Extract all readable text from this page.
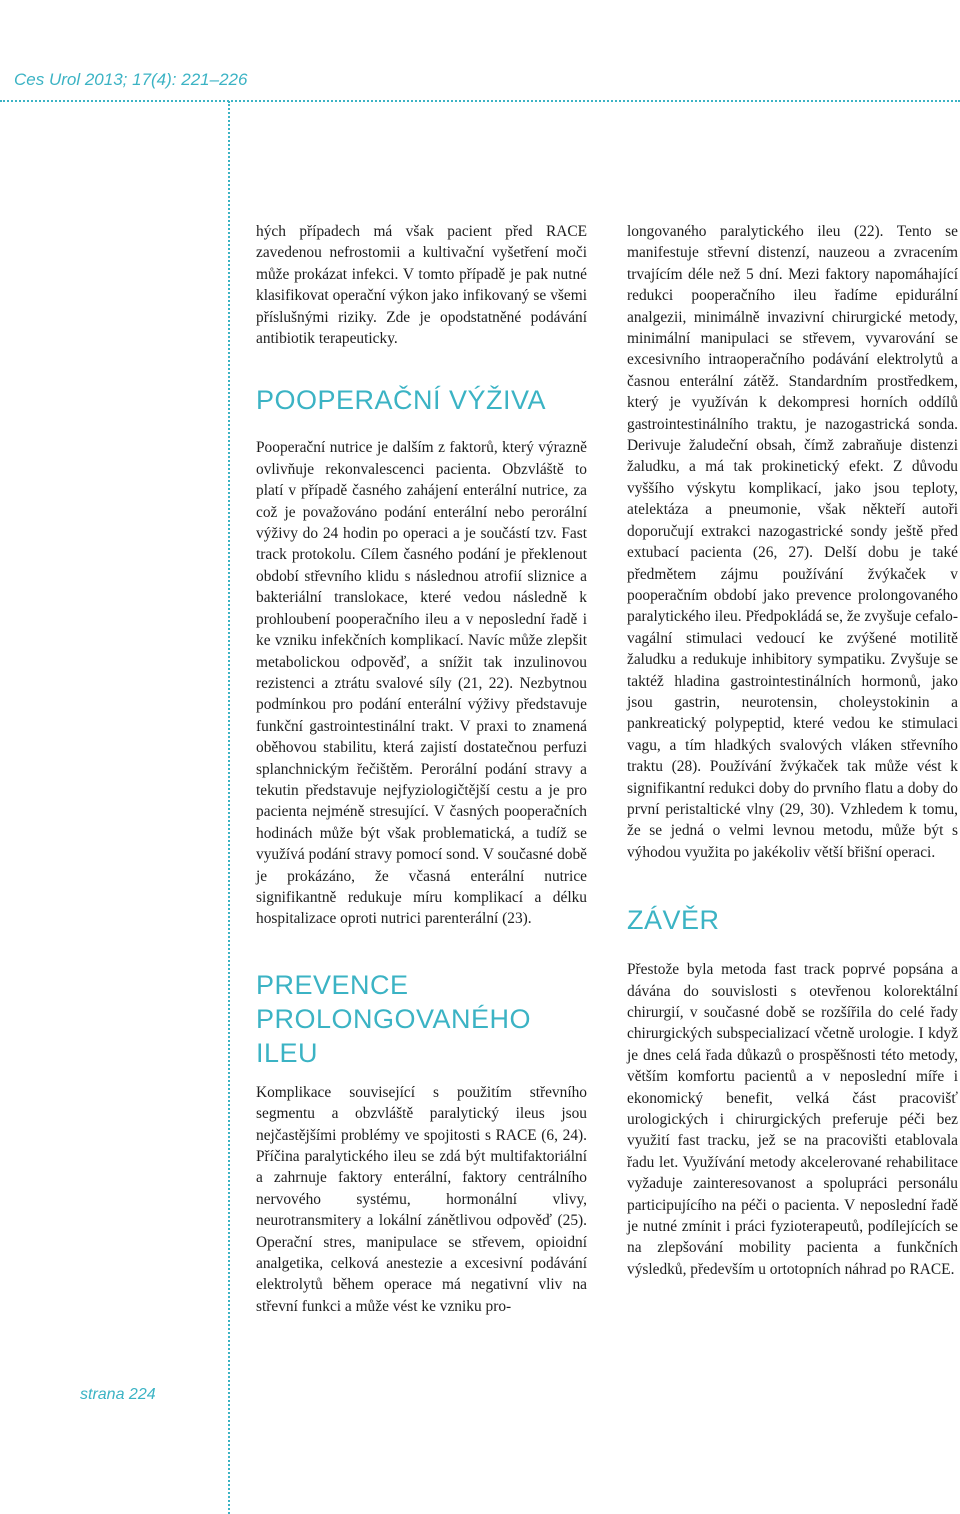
Ces Urol 2013; 17(4): 221–226
strana 224

hých případech má však pacient před RACE zavedenou nefrostomii a kultivační vyšetření moči může prokázat infekci. V tomto případě je pak nutné klasifikovat operační výkon jako infikovaný se všemi příslušnými riziky. Zde je opodstatněné podávání antibiotik terapeuticky.

POOPERAČNÍ VÝŽIVA

Pooperační nutrice je dalším z faktorů, který výrazně ovlivňuje rekonvalescenci pacienta. Obzvláště to platí v případě časného zahájení enterální nutrice, za což je považováno podání enterální nebo perorální výživy do 24 hodin po operaci a je součástí tzv. Fast track protokolu. Cílem časného podání je překlenout období střevního klidu s následnou atrofií sliznice a bakteriální translokace, které vedou následně k prohloubení pooperačního ileu a v neposlední řadě i ke vzniku infekčních komplikací. Navíc může zlepšit metabolickou odpověď, a snížit tak inzulinovou rezistenci a ztrátu svalové síly (21, 22). Nezbytnou podmínkou pro podání enterální výživy představuje funkční gastrointestinální trakt. V praxi to znamená oběhovou stabilitu, která zajistí dostatečnou perfuzi splanchnickým řečištěm. Perorální podání stravy a tekutin představuje nejfyziologičtější cestu a je pro pacienta nejméně stresující. V časných pooperačních hodinách může být však problematická, a tudíž se využívá podání stravy pomocí sond. V současné době je prokázáno, že včasná enterální nutrice signifikantně redukuje míru komplikací a délku hospitalizace oproti nutrici parenterální (23).

PREVENCE PROLONGOVANÉHO ILEU

Komplikace související s použitím střevního segmentu a obzvláště paralytický ileus jsou nejčastějšími problémy ve spojitosti s RACE (6, 24). Příčina paralytického ileu se zdá být multifaktoriální a zahrnuje faktory enterální, faktory centrálního nervového systému, hormonální vlivy, neurotransmitery a lokální zánětlivou odpověď (25). Operační stres, manipulace se střevem, opioidní analgetika, celková anestezie a excesivní podávání elektrolytů během operace má negativní vliv na střevní funkci a může vést ke vzniku pro-

longovaného paralytického ileu (22). Tento se manifestuje střevní distenzí, nauzeou a zvracením trvajícím déle než 5 dní. Mezi faktory napomáhající redukci pooperačního ileu řadíme epidurální analgezii, minimálně invazivní chirurgické metody, minimální manipulaci se střevem, vyvarování se excesivního intraoperačního podávání elektrolytů a časnou enterální zátěž. Standardním prostředkem, který je využíván k dekompresi horních oddílů gastrointestinálního traktu, je nazogastrická sonda. Derivuje žaludeční obsah, čímž zabraňuje distenzi žaludku, a má tak prokinetický efekt. Z důvodu vyššího výskytu komplikací, jako jsou teploty, atelektáza a pneumonie, však někteří autoři doporučují extrakci nazogastrické sondy ještě před extubací pacienta (26, 27). Delší dobu je také předmětem zájmu používání žvýkaček v pooperačním období jako prevence prolongovaného paralytického ileu. Předpokládá se, že zvyšuje cefalo-vagální stimulaci vedoucí ke zvýšené motilitě žaludku a redukuje inhibitory sympatiku. Zvyšuje se taktéž hladina gastrointestinálních hormonů, jako jsou gastrin, neurotensin, choleystokinin a pankreatický polypeptid, které vedou ke stimulaci vagu, a tím hladkých svalových vláken střevního traktu (28). Používání žvýkaček tak může vést k signifikantní redukci doby do prvního flatu a doby do první peristaltické vlny (29, 30). Vzhledem k tomu, že se jedná o velmi levnou metodu, může být s výhodou využita po jakékoliv větší břišní operaci.

ZÁVĚR

Přestože byla metoda fast track poprvé popsána a dávána do souvislosti s otevřenou kolorektální chirurgií, v současné době se rozšířila do celé řady chirurgických subspecializací včetně urologie. I když je dnes celá řada důkazů o prospěšnosti této metody, větším komfortu pacientů a v neposlední míře i ekonomický benefit, velká část pracovišť urologických i chirurgických preferuje péči bez využití fast tracku, jež se na pracovišti etablovala řadu let. Využívání metody akcelerované rehabilitace vyžaduje zainteresovanost a spolupráci personálu participujícího na péči o pacienta. V neposlední řadě je nutné zmínit i práci fyzioterapeutů, podílejících se na zlepšování mobility pacienta a funkčních výsledků, především u ortotopních náhrad po RACE.
